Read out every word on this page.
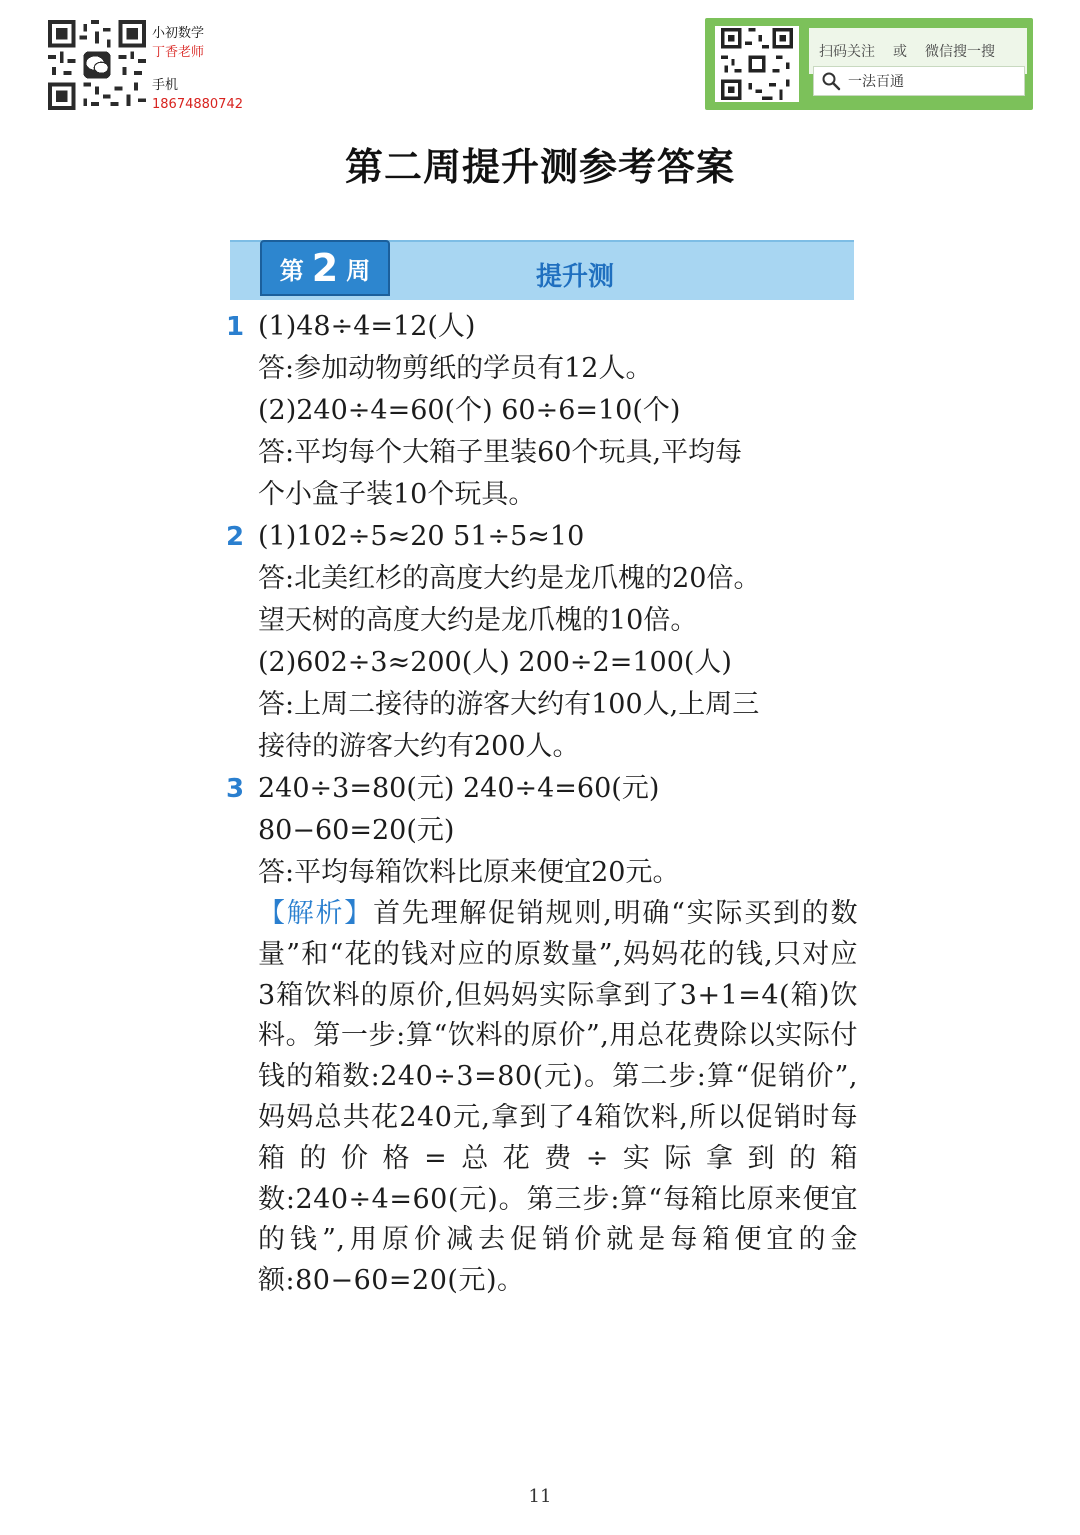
小初数学
丁香老师
手机
18674880742
扫码关注 或 微信搜一搜
一法百通
第二周提升测参考答案
第 2 周	提升测
1 (1)48÷4=12(人)
答:参加动物剪纸的学员有12人。
(2)240÷4=60(个) 60÷6=10(个)
答:平均每个大箱子里装60个玩具,平均每
个小盒子装10个玩具。
2 (1)102÷5≈20 51÷5≈10
答:北美红杉的高度大约是龙爪槐的20倍。
望天树的高度大约是龙爪槐的10倍。
(2)602÷3≈200(人) 200÷2=100(人)
答:上周二接待的游客大约有100人,上周三
接待的游客大约有200人。
3 240÷3=80(元) 240÷4=60(元)
80−60=20(元)
答:平均每箱饮料比原来便宜20元。
【解析】首先理解促销规则,明确“实际买到的数量”和“花的钱对应的原数量”,妈妈花的钱,只对应3箱饮料的原价,但妈妈实际拿到了3+1=4(箱)饮料。第一步:算“饮料的原价”,用总花费除以实际付钱的箱数:240÷3=80(元)。第二步:算“促销价”,妈妈总共花240元,拿到了4箱饮料,所以促销时每箱的价格=总花费÷实际拿到的箱数:240÷4=60(元)。第三步:算“每箱比原来便宜的钱”,用原价减去促销价就是每箱便宜的金额:80−60=20(元)。
11
